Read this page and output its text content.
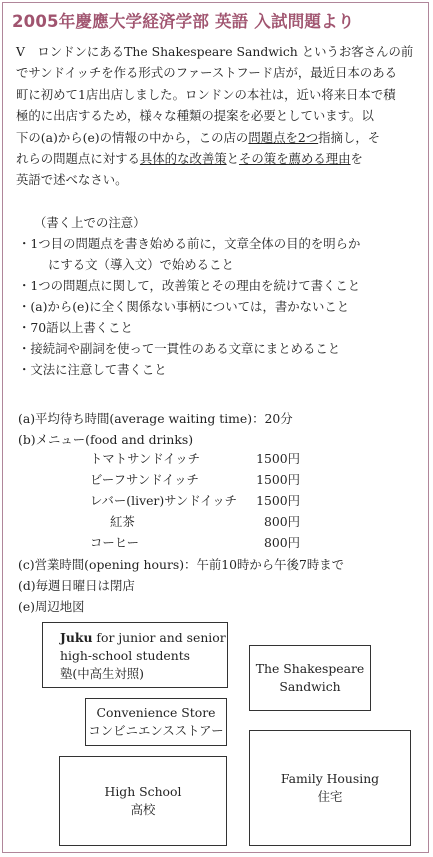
2005年慶應大学経済学部 英語 入試問題より
V　ロンドンにあるThe Shakespeare Sandwich というお客さんの前
でサンドイッチを作る形式のファーストフード店が，最近日本のある
町に初めて1店出店しました。ロンドンの本社は，近い将来日本で積
極的に出店するため，様々な種類の提案を必要としています。以
下の(a)から(e)の情報の中から，この店の問題点を2つ指摘し，そ
れらの問題点に対する具体的な改善策とその策を薦める理由を
英語で述べなさい。
（書く上での注意）
・1つ目の問題点を書き始める前に，文章全体の目的を明らか
にする文（導入文）で始めること
・1つの問題点に関して，改善策とその理由を続けて書くこと
・(a)から(e)に全く関係ない事柄については，書かないこと
・70語以上書くこと
・接続詞や副詞を使って一貫性のある文章にまとめること
・文法に注意して書くこと
(a)平均待ち時間(average waiting time)：20分
(b)メニュー(food and drinks)
トマトサンドイッチ	1500円
ビーフサンドイッチ	1500円
レバー(liver)サンドイッチ	1500円
紅茶	800円
コーヒー	800円
(c)営業時間(opening hours)：午前10時から午後7時まで
(d)毎週日曜日は閉店
(e)周辺地図
Juku for junior and senior
high-school students
塾(中高生対照)	The Shakespeare
Sandwich
Convenience Store
コンビニエンスストアー
High School
高校
Family Housing
住宅
